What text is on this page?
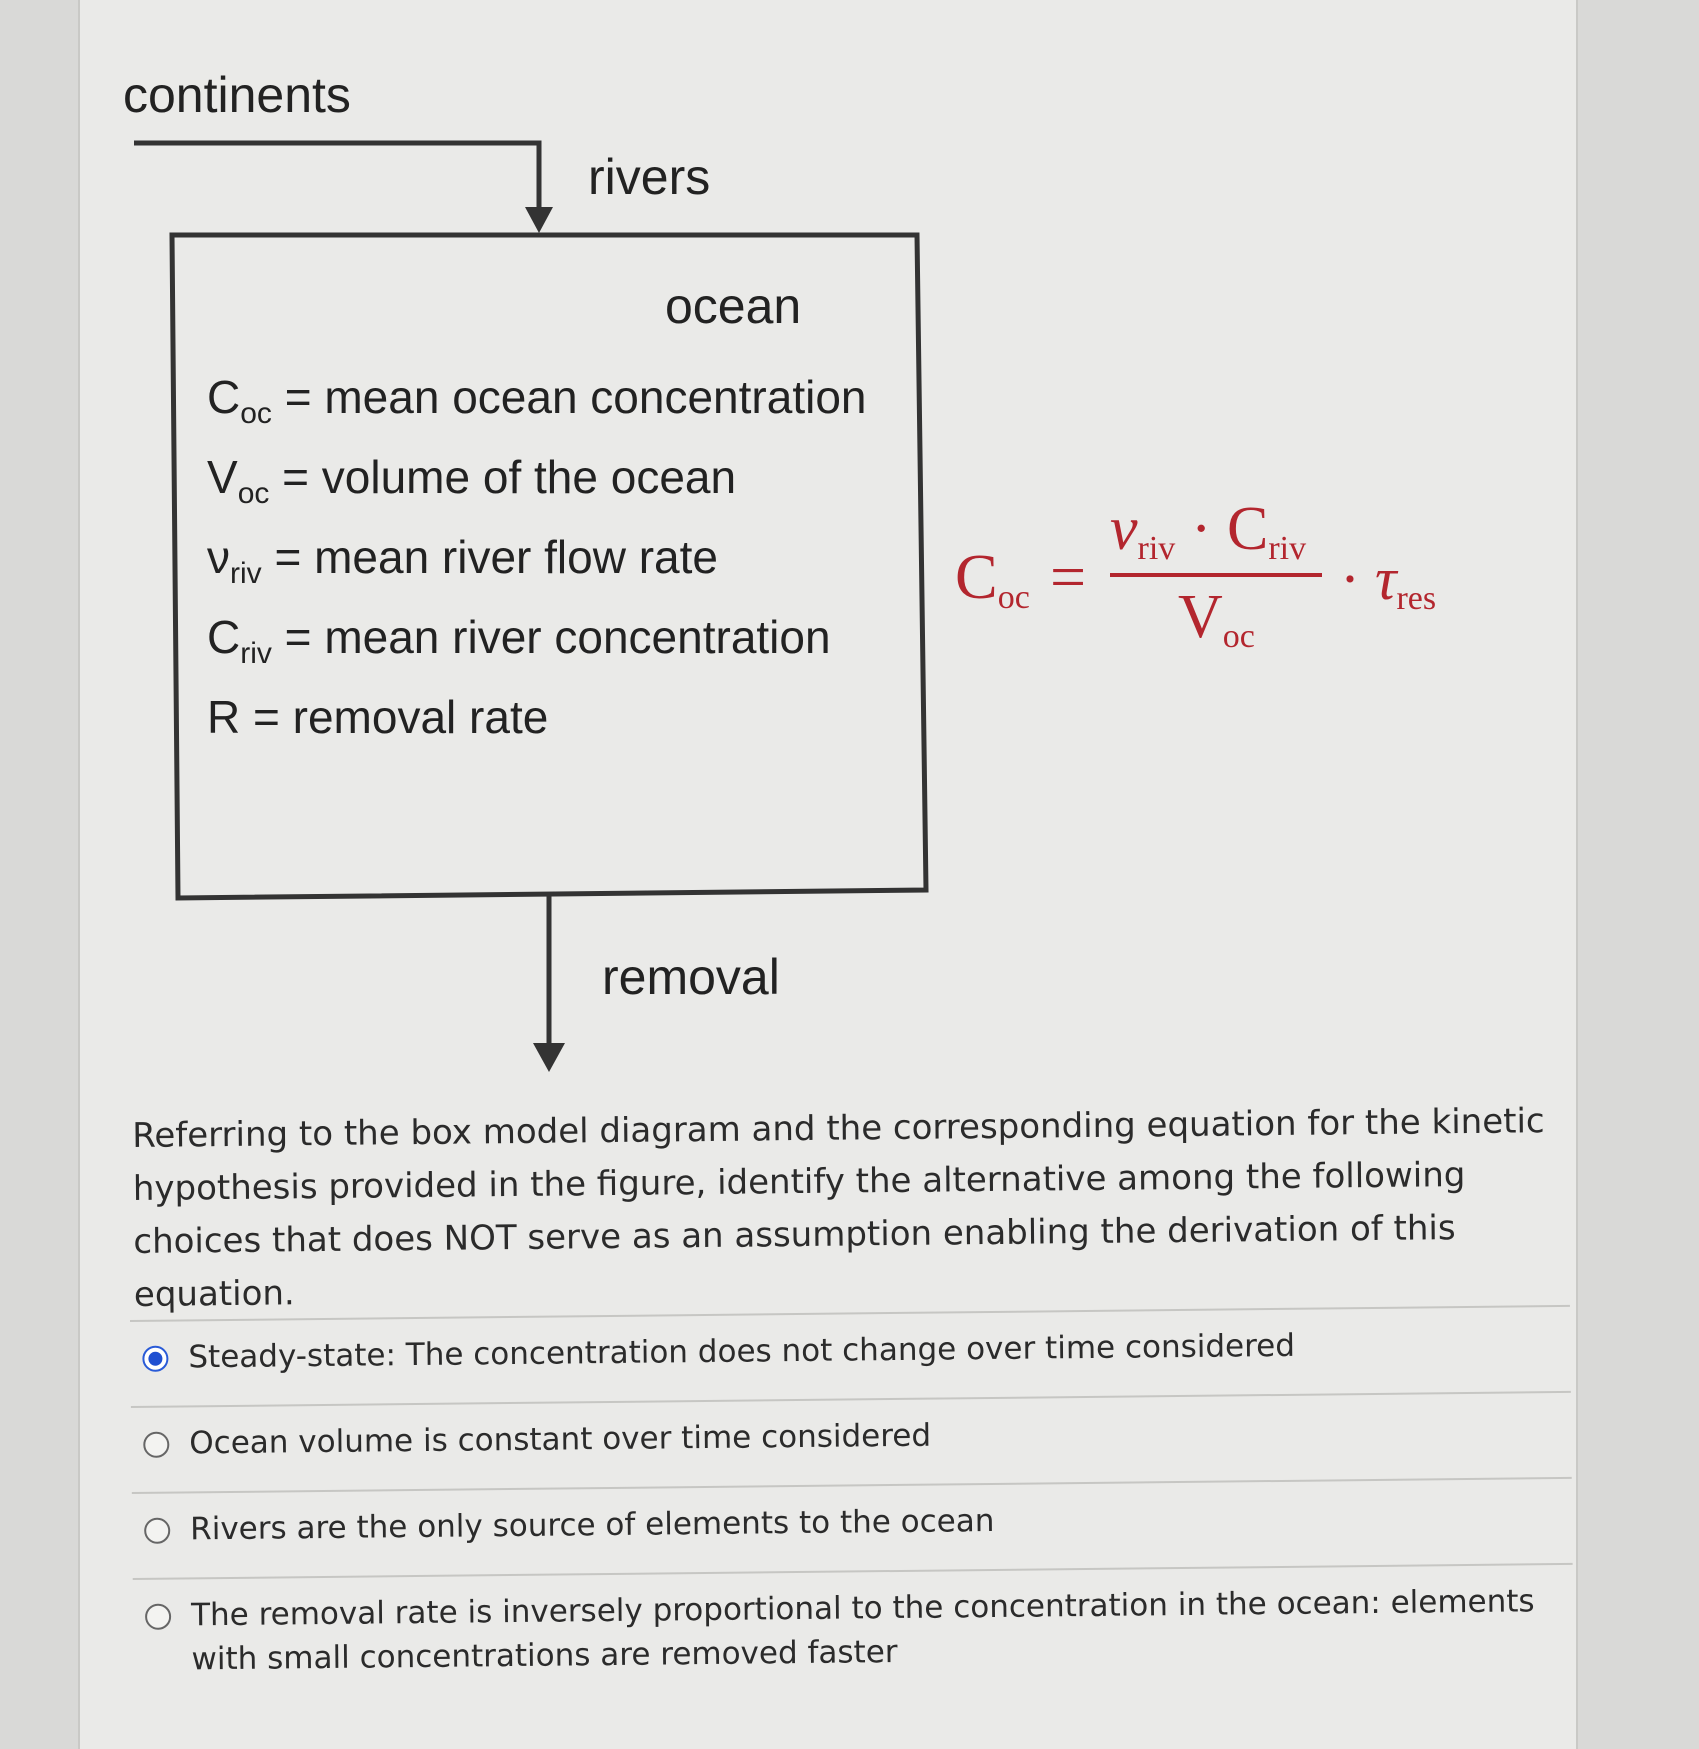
continents
rivers
ocean
$C_{oc}$ = mean ocean concentration
$V_{oc}$ = volume of the ocean
$\nu_{riv}$ = mean river flow rate
$C_{riv}$ = mean river concentration
R = removal rate
removal
$C_{oc}$ =
$\nu_{riv} \cdot C_{riv}$
$V_{oc}$
· $\tau_{res}$
Referring to the box model diagram and the corresponding equation for the kinetic hypothesis provided in the figure, identify the alternative among the following choices that does NOT serve as an assumption enabling the derivation of this equation.
Steady-state: The concentration does not change over time considered
Ocean volume is constant over time considered
Rivers are the only source of elements to the ocean
The removal rate is inversely proportional to the concentration in the ocean: elements with small concentrations are removed faster
